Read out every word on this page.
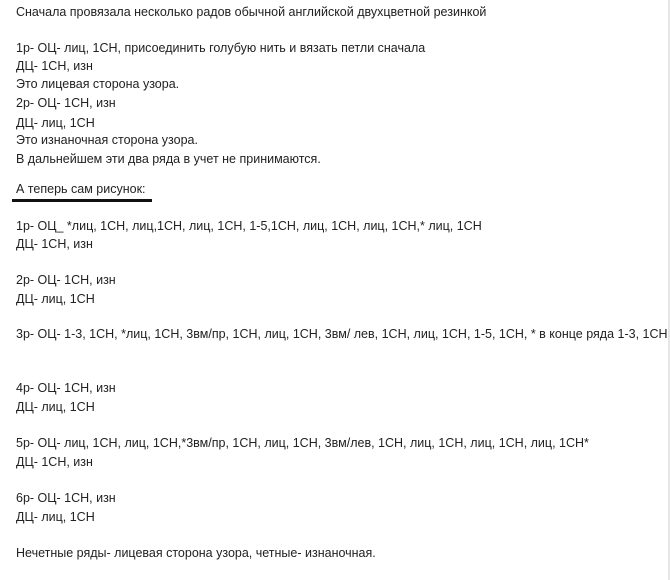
Сначала провязала несколько радов обычной английской двухцветной резинкой
1р- ОЦ- лиц, 1СН, присоединить голубую нить и вязать петли сначала
ДЦ- 1СН, изн
Это лицевая сторона узора.
2р- ОЦ- 1СН, изн
ДЦ- лиц, 1СН
Это изнаночная сторона узора.
В дальнейшем эти два ряда в учет не принимаются.
А теперь сам рисунок:
1р- ОЦ_ *лиц, 1СН, лиц,1СН, лиц, 1СН, 1-5,1СН, лиц, 1СН, лиц, 1СН,* лиц, 1СН
ДЦ- 1СН, изн
2р- ОЦ- 1СН, изн
ДЦ- лиц, 1СН
3р- ОЦ- 1-3, 1СН, *лиц, 1СН, 3вм/пр, 1СН, лиц, 1СН, 3вм/ лев, 1СН, лиц, 1СН, 1-5, 1СН, * в конце ряда 1-3, 1СН
4р- ОЦ- 1СН, изн
ДЦ- лиц, 1СН
5р- ОЦ- лиц, 1СН, лиц, 1СН,*3вм/пр, 1СН, лиц, 1СН, 3вм/лев, 1СН, лиц, 1СН, лиц, 1СН, лиц, 1СН*
ДЦ- 1СН, изн
6р- ОЦ- 1СН, изн
ДЦ- лиц, 1СН
Нечетные ряды- лицевая сторона узора, четные- изнаночная.
